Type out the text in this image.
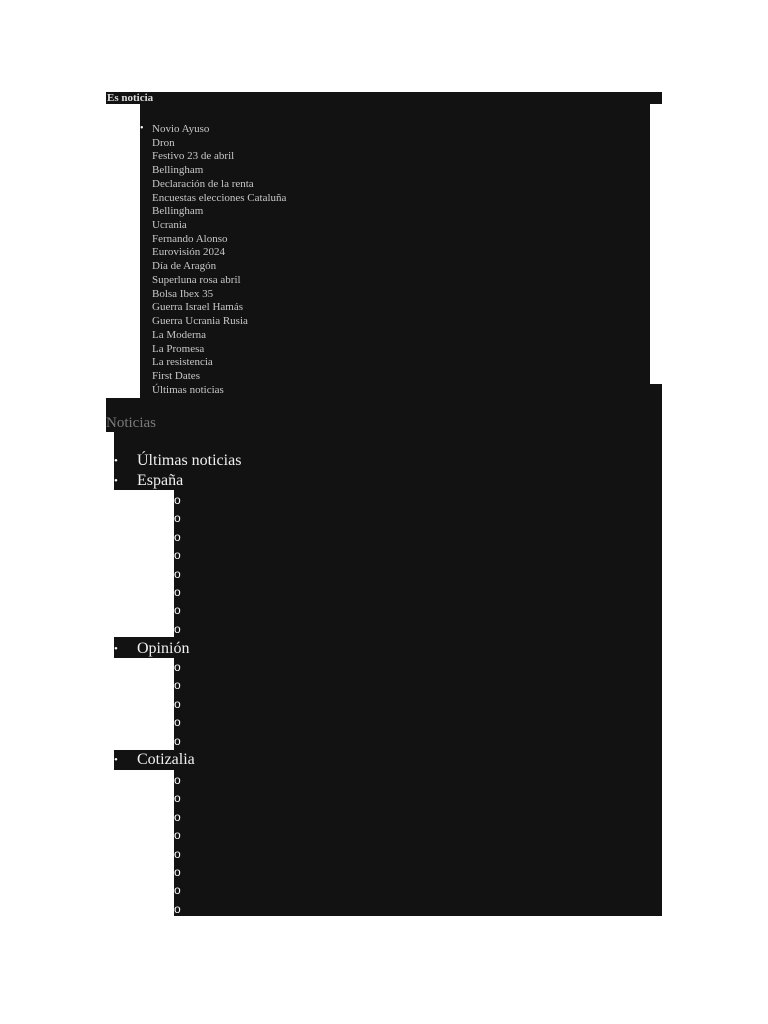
Es noticia
• Novio Ayuso
• Dron
• Festivo 23 de abril
• Bellingham
• Declaración de la renta
• Encuestas elecciones Cataluña
• Bellingham
• Ucrania
• Fernando Alonso
• Eurovisión 2024
• Día de Aragón
• Superluna rosa abril
• Bolsa Ibex 35
• Guerra Israel Hamás
• Guerra Ucrania Rusia
• La Moderna
• La Promesa
• La resistencia
• First Dates
• Últimas noticias
Noticias
• Últimas noticias
• España
o
o
o
o
o
o
o
o
• Opinión
o
o
o
o
o
• Cotizalia
o
o
o
o
o
o
o
o
